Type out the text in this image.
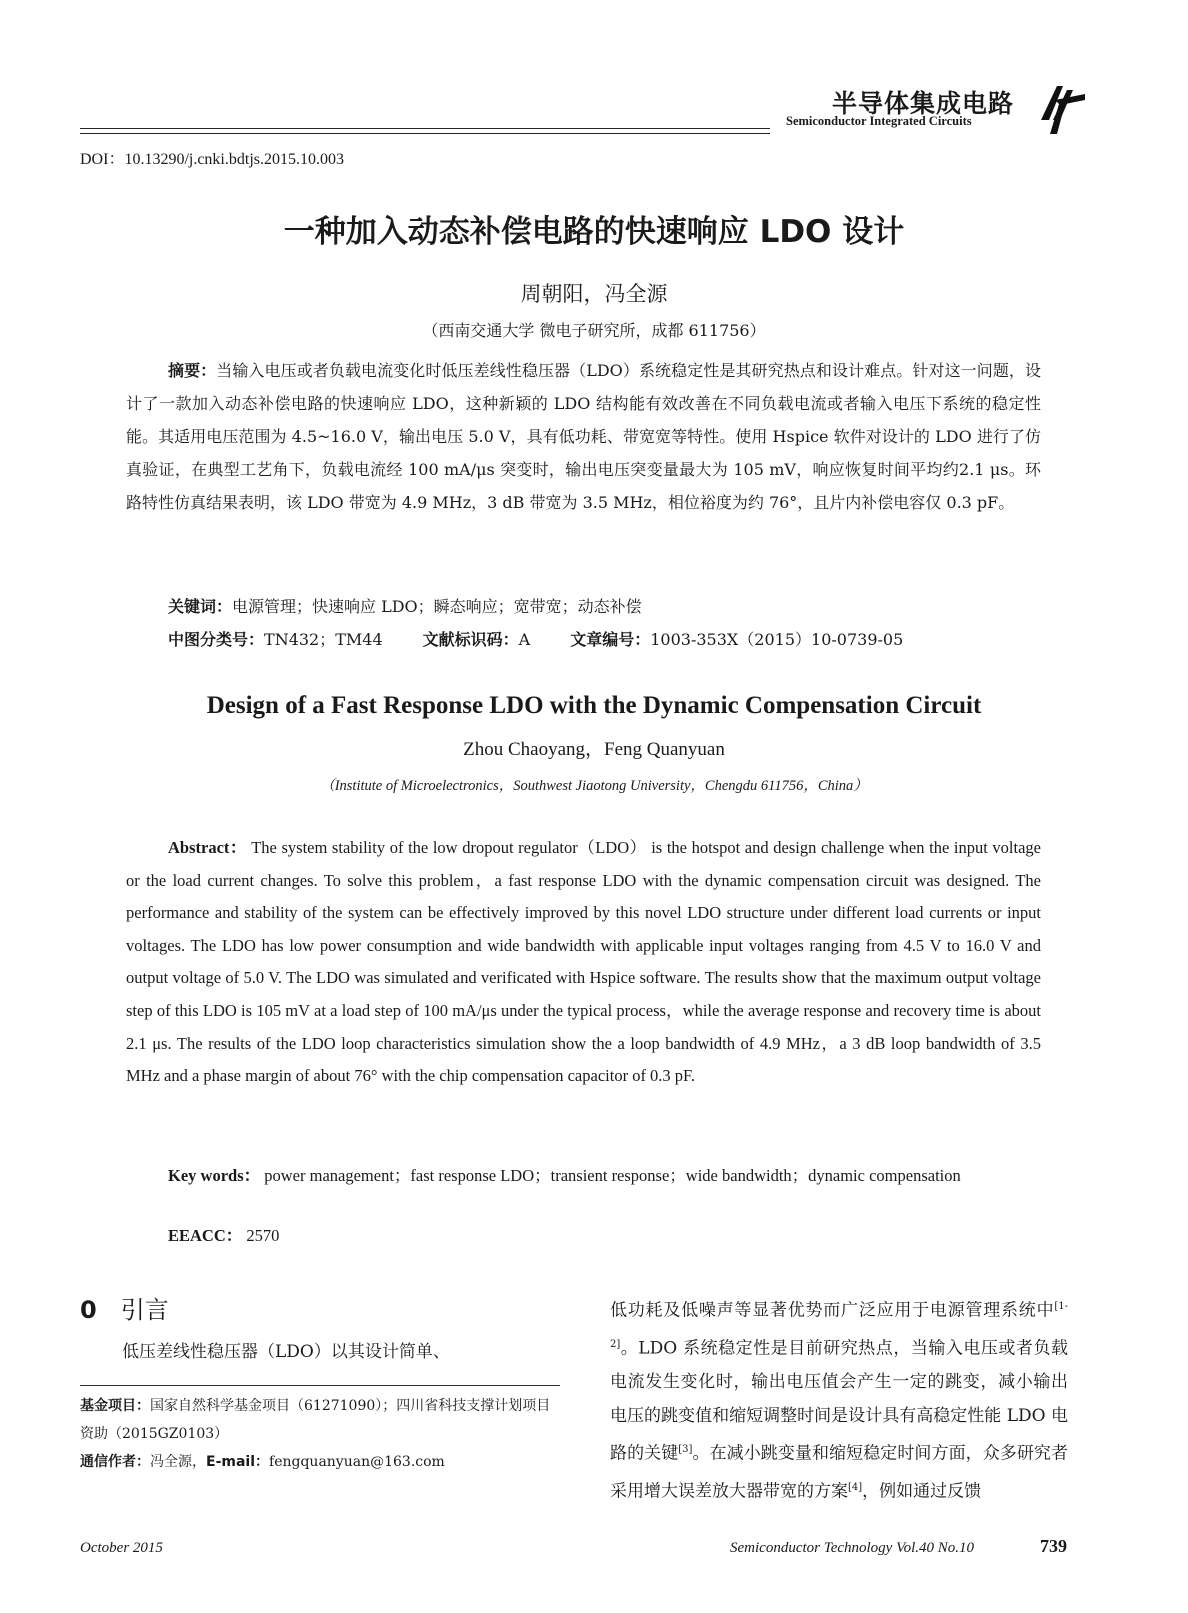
半导体集成电路
Semiconductor Integrated Circuits
DOI：10.13290/j.cnki.bdtjs.2015.10.003
一种加入动态补偿电路的快速响应 LDO 设计
周朝阳，冯全源
（西南交通大学 微电子研究所，成都 611756）

摘要：当输入电压或者负载电流变化时低压差线性稳压器（LDO）系统稳定性是其研究热点和设计难点。针对这一问题，设计了一款加入动态补偿电路的快速响应 LDO，这种新颖的 LDO 结构能有效改善在不同负载电流或者输入电压下系统的稳定性能。其适用电压范围为 4.5~16.0 V，输出电压 5.0 V，具有低功耗、带宽宽等特性。使用 Hspice 软件对设计的 LDO 进行了仿真验证，在典型工艺角下，负载电流经 100 mA/μs 突变时，输出电压突变量最大为 105 mV，响应恢复时间平均约2.1 μs。环路特性仿真结果表明，该 LDO 带宽为 4.9 MHz，3 dB 带宽为 3.5 MHz，相位裕度为约 76°，且片内补偿电容仅 0.3 pF。

关键词：电源管理；快速响应 LDO；瞬态响应；宽带宽；动态补偿
中图分类号：TN432；TM44	文献标识码：A	文章编号：1003-353X（2015）10-0739-05
Design of a Fast Response LDO with the Dynamic Compensation Circuit
Zhou Chaoyang，Feng Quanyuan
（Institute of Microelectronics，Southwest Jiaotong University，Chengdu 611756，China）

Abstract： The system stability of the low dropout regulator（LDO） is the hotspot and design challenge when the input voltage or the load current changes. To solve this problem，a fast response LDO with the dynamic compensation circuit was designed. The performance and stability of the system can be effectively improved by this novel LDO structure under different load currents or input voltages. The LDO has low power consumption and wide bandwidth with applicable input voltages ranging from 4.5 V to 16.0 V and output voltage of 5.0 V. The LDO was simulated and verificated with Hspice software. The results show that the maximum output voltage step of this LDO is 105 mV at a load step of 100 mA/μs under the typical process，while the average response and recovery time is about 2.1 μs. The results of the LDO loop characteristics simulation show the a loop bandwidth of 4.9 MHz，a 3 dB loop bandwidth of 3.5 MHz and a phase margin of about 76° with the chip compensation capacitor of 0.3 pF.

Key words： power management；fast response LDO；transient response；wide bandwidth；dynamic compensation

EEACC： 2570
0 引言

低压差线性稳压器（LDO）以其设计简单、

基金项目：国家自然科学基金项目（61271090）；四川省科技支撑计划项目资助（2015GZ0103）

通信作者：冯全源，E-mail：fengquanyuan@163.com

低功耗及低噪声等显著优势而广泛应用于电源管理系统中[1-2]。LDO 系统稳定性是目前研究热点，当输入电压或者负载电流发生变化时，输出电压值会产生一定的跳变，减小输出电压的跳变值和缩短调整时间是设计具有高稳定性能 LDO 电路的关键[3]。在减小跳变量和缩短稳定时间方面，众多研究者采用增大误差放大器带宽的方案[4]，例如通过反馈

October 2015	Semiconductor Technology Vol.40 No.10	739
